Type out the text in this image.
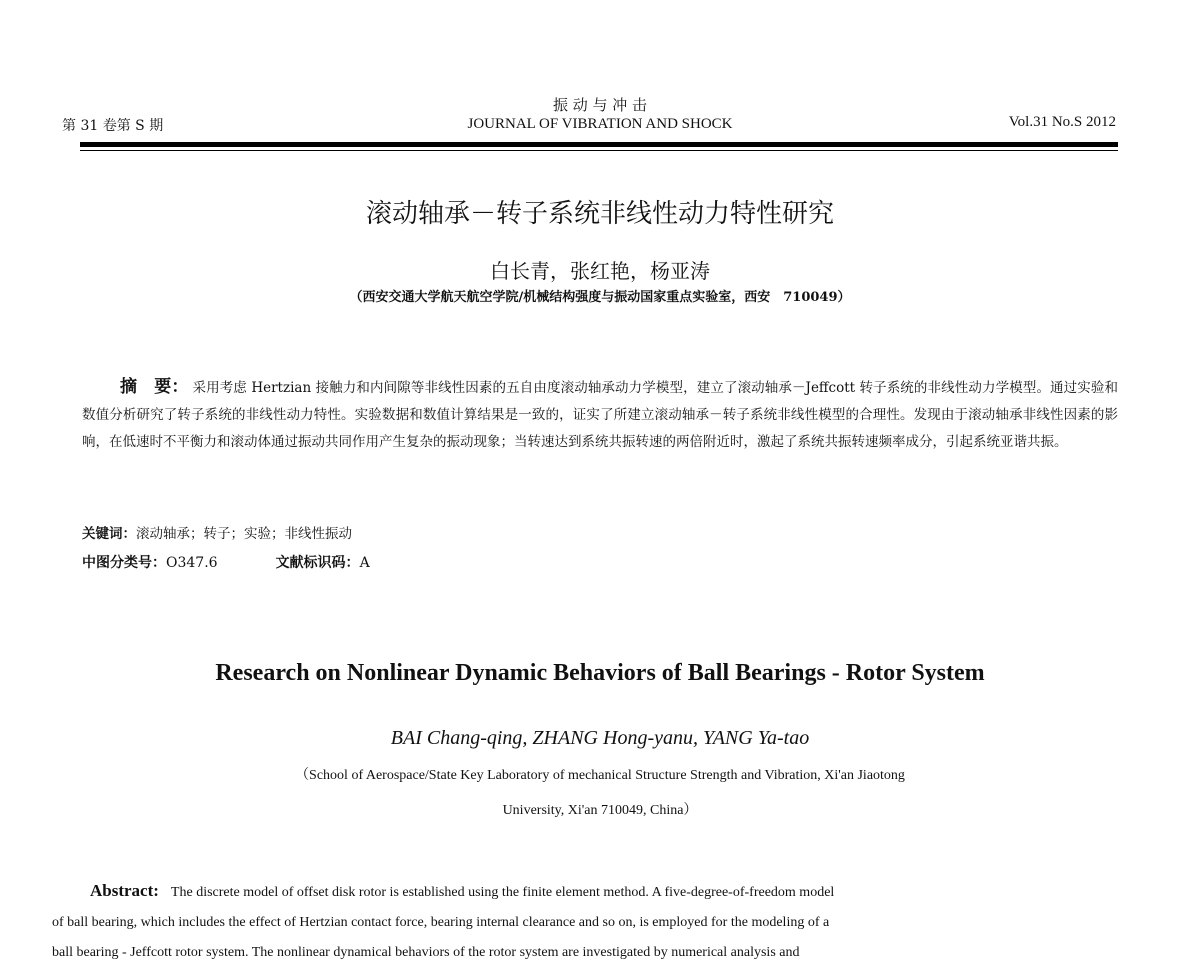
第 31 卷第 S 期
振 动 与 冲 击
JOURNAL OF VIBRATION AND SHOCK	Vol.31 No.S 2012
滚动轴承－转子系统非线性动力特性研究
白长青，张红艳，杨亚涛
（西安交通大学航天航空学院/机械结构强度与振动国家重点实验室，西安　710049）
摘　要： 采用考虑 Hertzian 接触力和内间隙等非线性因素的五自由度滚动轴承动力学模型，建立了滚动轴承－Jeffcott 转子系统的非线性动力学模型。通过实验和数值分析研究了转子系统的非线性动力特性。实验数据和数值计算结果是一致的，证实了所建立滚动轴承－转子系统非线性模型的合理性。发现由于滚动轴承非线性因素的影响，在低速时不平衡力和滚动体通过振动共同作用产生复杂的振动现象；当转速达到系统共振转速的两倍附近时，激起了系统共振转速频率成分，引起系统亚谐共振。
关键词：滚动轴承；转子；实验；非线性振动
中图分类号：O347.6	文献标识码：A
Research on Nonlinear Dynamic Behaviors of Ball Bearings - Rotor System
BAI Chang-qing, ZHANG Hong-yanu, YANG Ya-tao
（School of Aerospace/State Key Laboratory of mechanical Structure Strength and Vibration, Xi'an Jiaotong
University, Xi'an 710049, China）
Abstract: The discrete model of offset disk rotor is established using the finite element method. A five-degree-of-freedom model
of ball bearing, which includes the effect of Hertzian contact force, bearing internal clearance and so on, is employed for the modeling of a
ball bearing - Jeffcott rotor system. The nonlinear dynamical behaviors of the rotor system are investigated by numerical analysis and
